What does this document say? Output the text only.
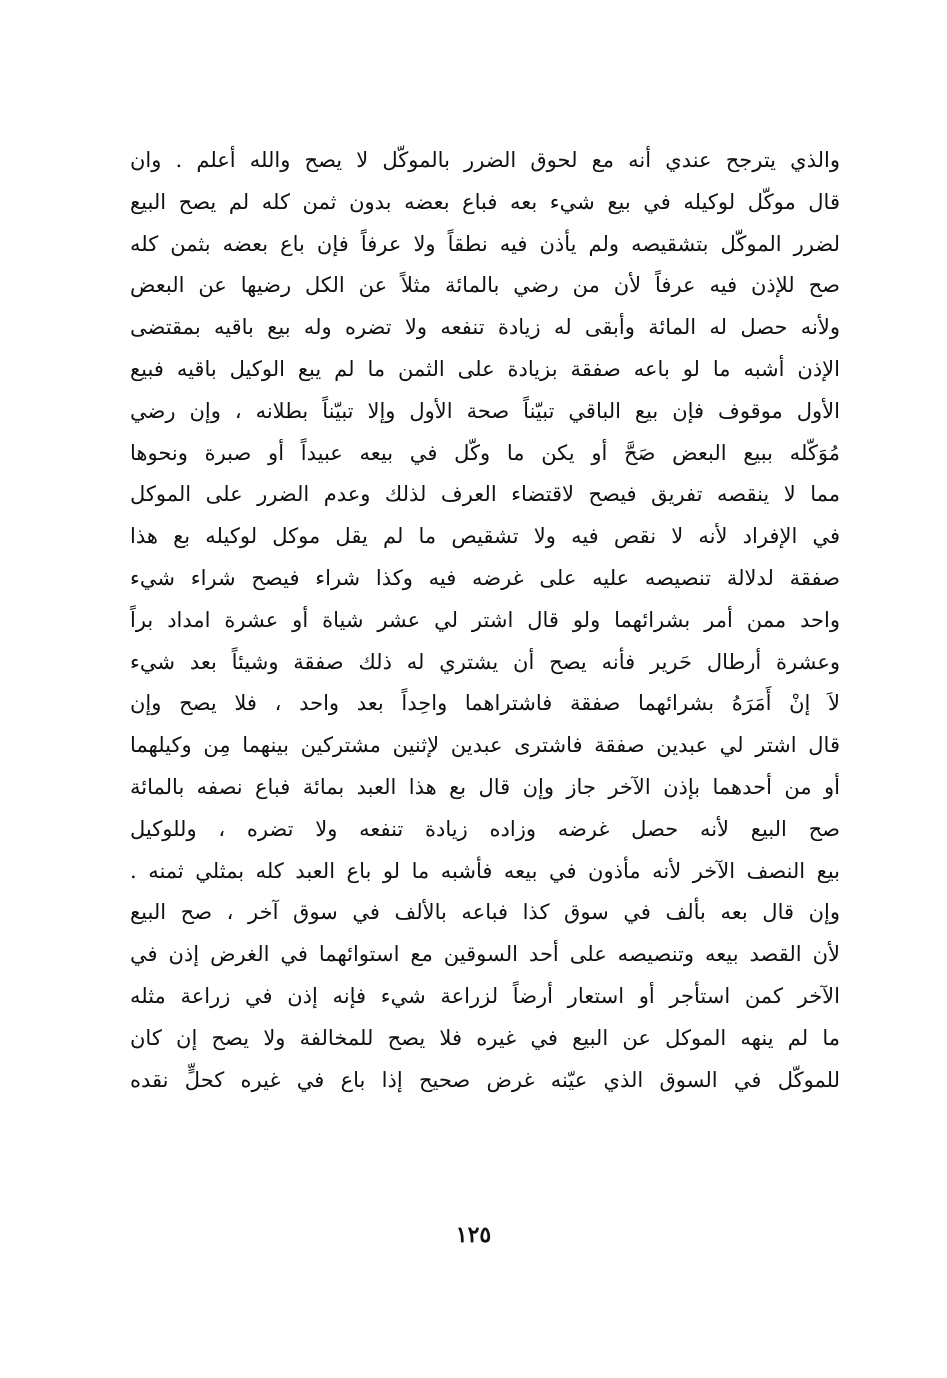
والذي يترجح عندي أنه مع لحوق الضرر بالموكّل لا يصح والله أعلم . وان
قال موكّل لوكيله في بيع شيء بعه فباع بعضه بدون ثمن كله لم يصح البيع
لضرر الموكّل بتشقيصه ولم يأذن فيه نطقاً ولا عرفاً فإن باع بعضه بثمن كله
صح للإذن فيه عرفاً لأن من رضي بالمائة مثلاً عن الكل رضيها عن البعض
ولأنه حصل له المائة وأبقى له زيادة تنفعه ولا تضره وله بيع باقيه بمقتضى
الإذن أشبه ما لو باعه صفقة بزيادة على الثمن ما لم يبع الوكيل باقيه فبيع
الأول موقوف فإن بيع الباقي تبيّناً صحة الأول وإلا تبيّناً بطلانه ، وإن رضي
مُوَكّله ببيع البعض صَحَّ أو يكن ما وكّل في بيعه عبيداً أو صبرة ونحوها
مما لا ينقصه تفريق فيصح لاقتضاء العرف لذلك وعدم الضرر على الموكل
في الإفراد لأنه لا نقص فيه ولا تشقيص ما لم يقل موكل لوكيله بع هذا
صفقة لدلالة تنصيصه عليه على غرضه فيه وكذا شراء فيصح شراء شيء
واحد ممن أمر بشرائهما ولو قال اشتر لي عشر شياة أو عشرة امداد براً
وعشرة أرطال حَرير فأنه يصح أن يشتري له ذلك صفقة وشيئاً بعد شيء
لاَ إنْ أَمَرَهُ بشرائهما صفقة فاشتراهما واحِداً بعد واحد ، فلا يصح وإن
قال اشتر لي عبدين صفقة فاشترى عبدين لإثنين مشتركين بينهما مِن وكيلهما
أو من أحدهما بإذن الآخر جاز وإن قال بع هذا العبد بمائة فباع نصفه بالمائة
صح البيع لأنه حصل غرضه وزاده زيادة تنفعه ولا تضره ، وللوكيل
بيع النصف الآخر لأنه مأذون في بيعه فأشبه ما لو باع العبد كله بمثلي ثمنه .
وإن قال بعه بألف في سوق كذا فباعه بالألف في سوق آخر ، صح البيع
لأن القصد بيعه وتنصيصه على أحد السوقين مع استوائهما في الغرض إذن في
الآخر كمن استأجر أو استعار أرضاً لزراعة شيء فإنه إذن في زراعة مثله
ما لم ينهه الموكل عن البيع في غيره فلا يصح للمخالفة ولا يصح إن كان
للموكّل في السوق الذي عيّنه غرض صحيح إذا باع في غيره كحلٍّ نقده
١٢٥
